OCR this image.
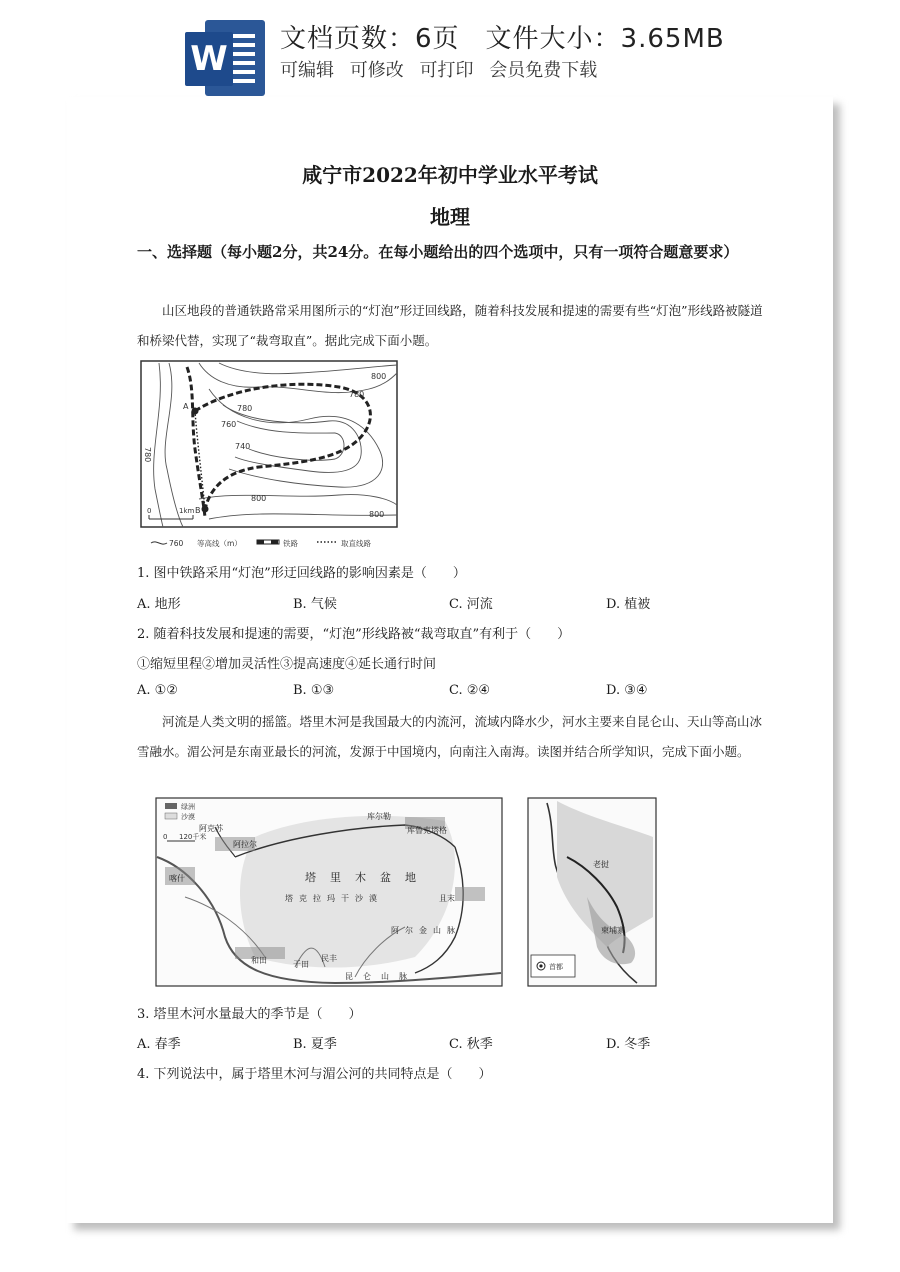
W 文档页数：6页 文件大小：3.65MB
可编辑 可修改 可打印 会员免费下载
咸宁市2022年初中学业水平考试
地理
一、选择题（每小题2分，共24分。在每小题给出的四个选项中，只有一项符合题意要求）
山区地段的普通铁路常采用图所示的“灯泡”形迂回线路，随着科技发展和提速的需要有些“灯泡”形线路被隧道和桥梁代替，实现了“裁弯取直”。据此完成下面小题。
A
B
800
780
780
760
740
780
800
800
0	1km
760 等高线（m）	铁路	取直线路
1. 图中铁路采用“灯泡”形迂回线路的影响因素是（　　）
A. 地形	B. 气候	C. 河流	D. 植被
2. 随着科技发展和提速的需要，“灯泡”形线路被“裁弯取直”有利于（　　）
①缩短里程②增加灵活性③提高速度④延长通行时间
A. ①②	B. ①③	C. ②④	D. ③④
河流是人类文明的摇篮。塔里木河是我国最大的内流河，流域内降水少，河水主要来自昆仑山、天山等高山冰雪融水。湄公河是东南亚最长的河流，发源于中国境内，向南注入南海。读图并结合所学知识，完成下面小题。
绿洲
沙漠
0 120千米
阿克苏
阿拉尔
库尔勒
库鲁克塔格
塔里木盆地
塔克拉玛干沙漠	且末
和田	于田
民丰
阿尔金山脉
昆仑山脉
喀什
老挝
柬埔寨
首都
3. 塔里木河水量最大的季节是（　　）
A. 春季	B. 夏季	C. 秋季	D. 冬季
4. 下列说法中，属于塔里木河与湄公河的共同特点是（　　）
